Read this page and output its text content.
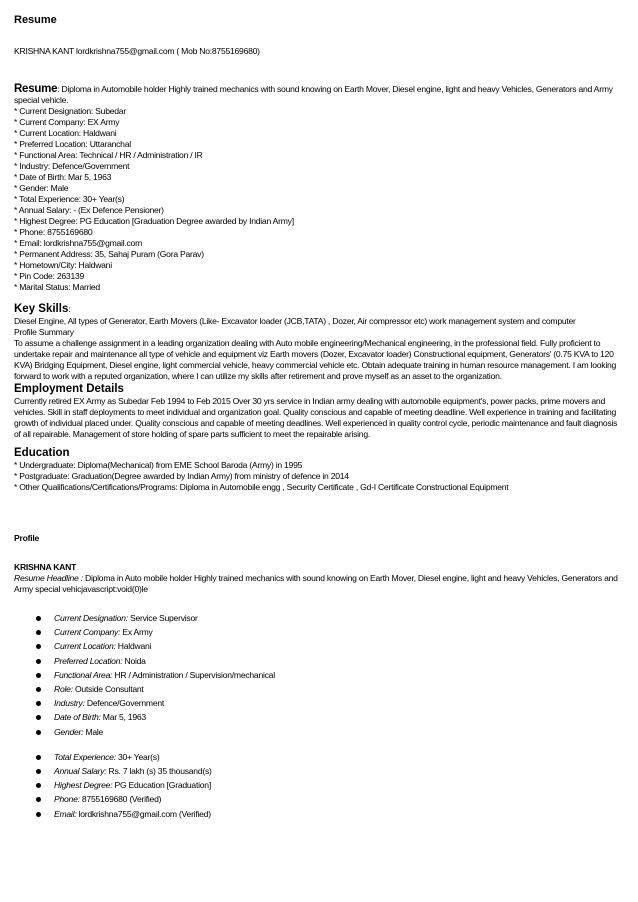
Resume

KRISHNA KANT lordkrishna755@gmail.com ( Mob No:8755169680)

Resume: Diploma in Automobile holder Highly trained mechanics with sound knowing on Earth Mover, Diesel engine, light and heavy Vehicles, Generators and Army special vehicle.

* Current Designation: Subedar

* Current Company: EX Army

* Current Location: Haldwani

* Preferred Location: Uttaranchal

* Functional Area: Technical / HR / Administration / IR

* Industry: Defence/Government

* Date of Birth: Mar 5, 1963

* Gender: Male

* Total Experience: 30+ Year(s)

* Annual Salary: - (Ex Defence Pensioner)

* Highest Degree: PG Education [Graduation Degree awarded by Indian Army]

* Phone: 8755169680

* Email: lordkrishna755@gmail.com

* Permanent Address: 35, Sahaj Puram (Gora Parav)

* Hometown/City: Haldwani

* Pin Code: 263139

* Marital Status: Married

Key Skills:

Diesel Engine, All types of Generator, Earth Movers (Like- Excavator loader (JCB,TATA) , Dozer, Air compressor etc) work management system and computer

Profile Summary

To assume a challenge assignment in a leading organization dealing with Auto mobile engineering/Mechanical engineering, in the professional field. Fully proficient to undertake repair and maintenance all type of vehicle and equipment viz Earth movers (Dozer, Excavator loader) Constructional equipment, Generators' (0.75 KVA to 120 KVA) Bridging Equipment, Diesel engine, light commercial vehicle, heavy commercial vehicle etc. Obtain adequate training in human resource management. I am looking forward to work with a reputed organization, where I can utilize my skills after retirement and prove myself as an asset to the organization.

Employment Details

Currently retired EX Army as Subedar Feb 1994 to Feb 2015 Over 30 yrs service in Indian army dealing with automobile equipment's, power packs, prime movers and vehicles. Skill in staff deployments to meet individual and organization goal. Quality conscious and capable of meeting deadline. Well experience in training and facilitating growth of individual placed under. Quality conscious and capable of meeting deadlines. Well experienced in quality control cycle, periodic maintenance and fault diagnosis of all repairable. Management of store holding of spare parts sufficient to meet the repairable arising.

Education

* Undergraduate: Diploma(Mechanical) from EME School Baroda (Army) in 1995

* Postgraduate: Graduation(Degree awarded by Indian Army) from ministry of defence in 2014

* Other Qualifications/Certifications/Programs: Diploma in Automobile engg , Security Certificate , Gd-I Certificate Constructional Equipment

Profile

KRISHNA KANT

Resume Headline : Diploma in Auto mobile holder Highly trained mechanics with sound knowing on Earth Mover, Diesel engine, light and heavy Vehicles, Generators and Army special vehicjavascript:void(0)le

Current Designation: Service Supervisor
Current Company: Ex Army
Current Location: Haldwani
Preferred Location: Noida
Functional Area: HR / Administration / Supervision/mechanical
Role: Outside Consultant
Industry: Defence/Government
Date of Birth: Mar 5, 1963
Gender: Male
Total Experience: 30+ Year(s)
Annual Salary: Rs. 7 lakh (s) 35 thousand(s)
Highest Degree: PG Education [Graduation]
Phone: 8755169680 (Verified)
Email: lordkrishna755@gmail.com (Verified)
